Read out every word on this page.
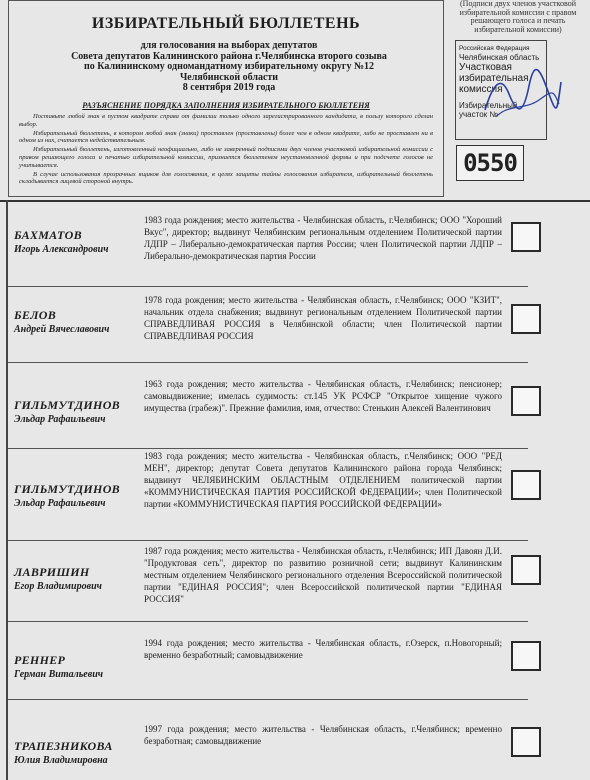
ИЗБИРАТЕЛЬНЫЙ БЮЛЛЕТЕНЬ
для голосования на выборах депутатов
Совета депутатов Калининского района г.Челябинска второго созыва
по Калининскому одномандатному избирательному округу №12
Челябинской области
8 сентября 2019 года
РАЗЪЯСНЕНИЕ ПОРЯДКА ЗАПОЛНЕНИЯ ИЗБИРАТЕЛЬНОГО БЮЛЛЕТЕНЯ

Поставьте любой знак в пустом квадрате справа от фамилии только одного зарегистрированного кандидата, в пользу которого сделан выбор.

Избирательный бюллетень, в котором любой знак (знаки) проставлен (проставлены) более чем в одном квадрате, либо не проставлен ни в одном из них, считается недействительным.

Избирательный бюллетень, изготовленный неофициально, либо не заверенный подписями двух членов участковой избирательной комиссии с правом решающего голоса и печатью избирательной комиссии, признается бюллетенем неустановленной формы и при подсчете голосов не учитывается.

В случае использования прозрачных ящиков для голосования, в целях защиты тайны голосования избирателя, избирательный бюллетень складывается лицевой стороной внутрь.

(Подписи двух членов участковой избирательной комиссии с правом решающего голоса и печать избирательной комиссии)
Российская Федерация
Челябинская область
Участковая
избирательная
комиссия
Избирательный участок №
0550
БАХМАТОВ
Игорь Александрович
1983 года рождения; место жительства - Челябинская область, г.Челябинск; ООО "Хороший Вкус", директор; выдвинут Челябинским региональным отделением Политической партии ЛДПР – Либерально-демократическая партия России; член Политической партии ЛДПР – Либерально-демократическая партия России
БЕЛОВ
Андрей Вячеславович
1978 года рождения; место жительства - Челябинская область, г.Челябинск; ООО "КЗИТ", начальник отдела снабжения; выдвинут региональным отделением Политической партии СПРАВЕДЛИВАЯ РОССИЯ в Челябинской области; член Политической партии СПРАВЕДЛИВАЯ РОССИЯ
ГИЛЬМУТДИНОВ
Эльдар Рафаильевич
1963 года рождения; место жительства - Челябинская область, г.Челябинск; пенсионер; самовыдвижение; имелась судимость: ст.145 УК РСФСР "Открытое хищение чужого имущества (грабеж)". Прежние фамилия, имя, отчество: Стенькин Алексей Валентинович
ГИЛЬМУТДИНОВ
Эльдар Рафаильевич
1983 года рождения; место жительства - Челябинская область, г.Челябинск; ООО "РЕД МЕН", директор; депутат Совета депутатов Калининского района города Челябинск; выдвинут ЧЕЛЯБИНСКИМ ОБЛАСТНЫМ ОТДЕЛЕНИЕМ политической партии «КОММУНИСТИЧЕСКАЯ ПАРТИЯ РОССИЙСКОЙ ФЕДЕРАЦИИ»; член Политической партии «КОММУНИСТИЧЕСКАЯ ПАРТИЯ РОССИЙСКОЙ ФЕДЕРАЦИИ»
ЛАВРИШИН
Егор Владимирович
1987 года рождения; место жительства - Челябинская область, г.Челябинск; ИП Давоян Д.И. "Продуктовая сеть", директор по развитию розничной сети; выдвинут Калининским местным отделением Челябинского регионального отделения Всероссийской политической партии "ЕДИНАЯ РОССИЯ"; член Всероссийской политической партии "ЕДИНАЯ РОССИЯ"
РЕННЕР
Герман Витальевич
1994 года рождения; место жительства - Челябинская область, г.Озерск, п.Новогорный; временно безработный; самовыдвижение
ТРАПЕЗНИКОВА
Юлия Владимировна
1997 года рождения; место жительства - Челябинская область, г.Челябинск; временно безработная; самовыдвижение
